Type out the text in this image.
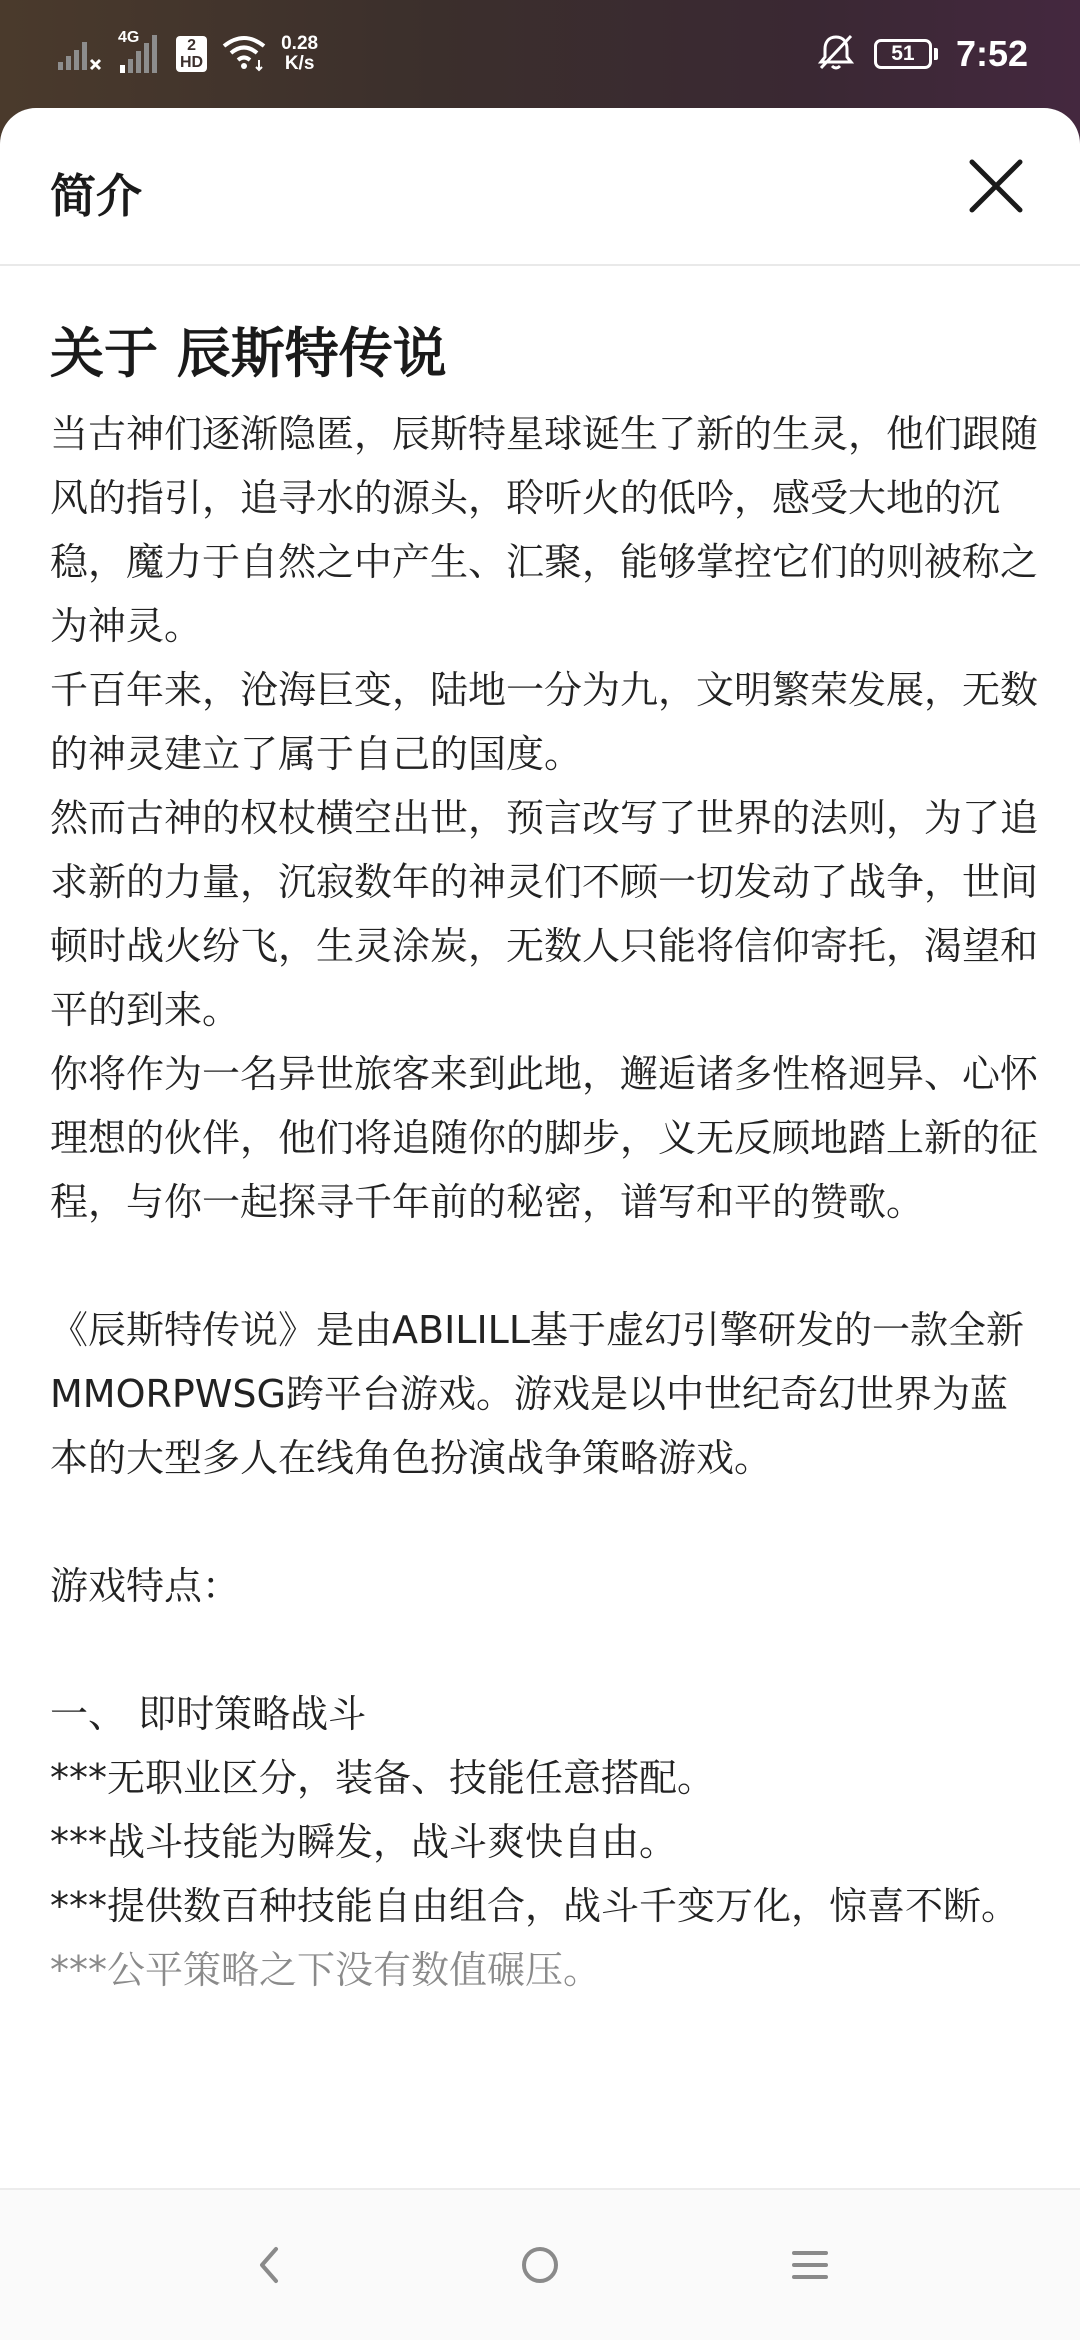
4G	2
HD
0.28
K/s	51	7:52
简介
关于 辰斯特传说

当古神们逐渐隐匿，辰斯特星球诞生了新的生灵，他们跟随风的指引，追寻水的源头，聆听火的低吟，感受大地的沉稳，魔力于自然之中产生、汇聚，能够掌控它们的则被称之为神灵。
千百年来，沧海巨变，陆地一分为九，文明繁荣发展，无数的神灵建立了属于自己的国度。
然而古神的权杖横空出世，预言改写了世界的法则，为了追求新的力量，沉寂数年的神灵们不顾一切发动了战争，世间顿时战火纷飞，生灵涂炭，无数人只能将信仰寄托，渴望和平的到来。
你将作为一名异世旅客来到此地，邂逅诸多性格迥异、心怀理想的伙伴，他们将追随你的脚步，义无反顾地踏上新的征程，与你一起探寻千年前的秘密，谱写和平的赞歌。

《辰斯特传说》是由ABILILL基于虚幻引擎研发的一款全新MMORPWSG跨平台游戏。游戏是以中世纪奇幻世界为蓝本的大型多人在线角色扮演战争策略游戏。

游戏特点：

一、 即时策略战斗
***无职业区分，装备、技能任意搭配。
***战斗技能为瞬发，战斗爽快自由。
***提供数百种技能自由组合，战斗千变万化，惊喜不断。

***公平策略之下没有数值碾压。
